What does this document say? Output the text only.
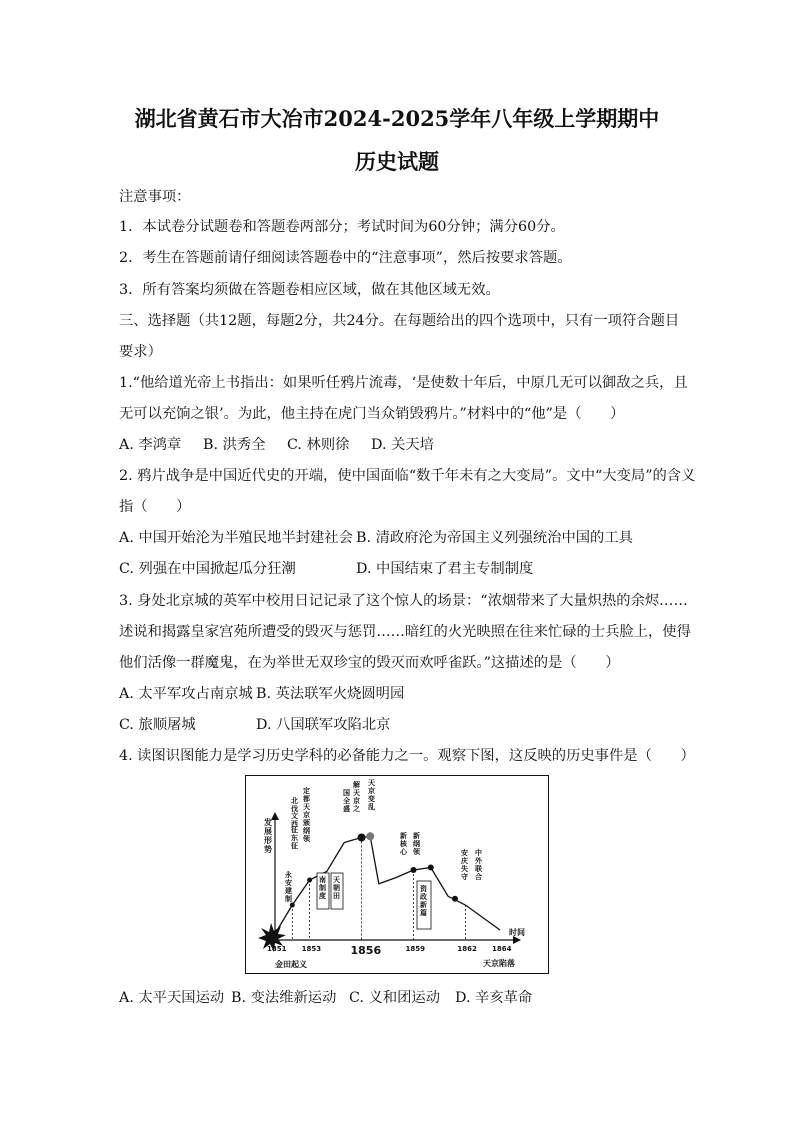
湖北省黄石市大冶市2024-2025学年八年级上学期期中
历史试题
注意事项：
1．本试卷分试题卷和答题卷两部分；考试时间为60分钟；满分60分。
2．考生在答题前请仔细阅读答题卷中的“注意事项”，然后按要求答题。
3．所有答案均须做在答题卷相应区域，做在其他区域无效。
三、选择题（共12题，每题2分，共24分。在每题给出的四个选项中，只有一项符合题目
要求）
1.“他给道光帝上书指出：如果听任鸦片流毒，‘是使数十年后，中原几无可以御敌之兵，且
无可以充饷之银’。为此，他主持在虎门当众销毁鸦片。”材料中的“他”是（　　）
A. 李鸿章 B. 洪秀全 C. 林则徐 D. 关天培
2. 鸦片战争是中国近代史的开端，使中国面临“数千年未有之大变局”。文中“大变局”的含义
指（　　）
A. 中国开始沦为半殖民地半封建社会 B. 清政府沦为帝国主义列强统治中国的工具
C. 列强在中国掀起瓜分狂潮	D. 中国结束了君主专制制度
3. 身处北京城的英军中校用日记记录了这个惊人的场景：“浓烟带来了大量炽热的余烬……
述说和揭露皇家宫苑所遭受的毁灭与惩罚……暗红的火光映照在往来忙碌的士兵脸上，使得
他们活像一群魔鬼，在为举世无双珍宝的毁灭而欢呼雀跃。”这描述的是（　　）
A. 太平军攻占南京城 B. 英法联军火烧圆明园
C. 旅顺屠城	D. 八国联军攻陷北京
4. 读图识图能力是学习历史学科的必备能力之一。观察下图，这反映的历史事件是（　　）
时间
发
展
形
势
1851 1853	1856	1859	1862 1864
金田起义	天京陷落
北
伐
文
西
征
东
征
永
安
建
制
定
都
天
京
颁
纲
领
国
全
盛
解
天
京
之
天
京
变
乱
新
核
心
新
纲
领	安
庆
失
守
中
外
联
合
南
制
度
天
朝
田
资
政
新
篇
A. 太平天国运动 B. 变法维新运动 C. 义和团运动 D. 辛亥革命
